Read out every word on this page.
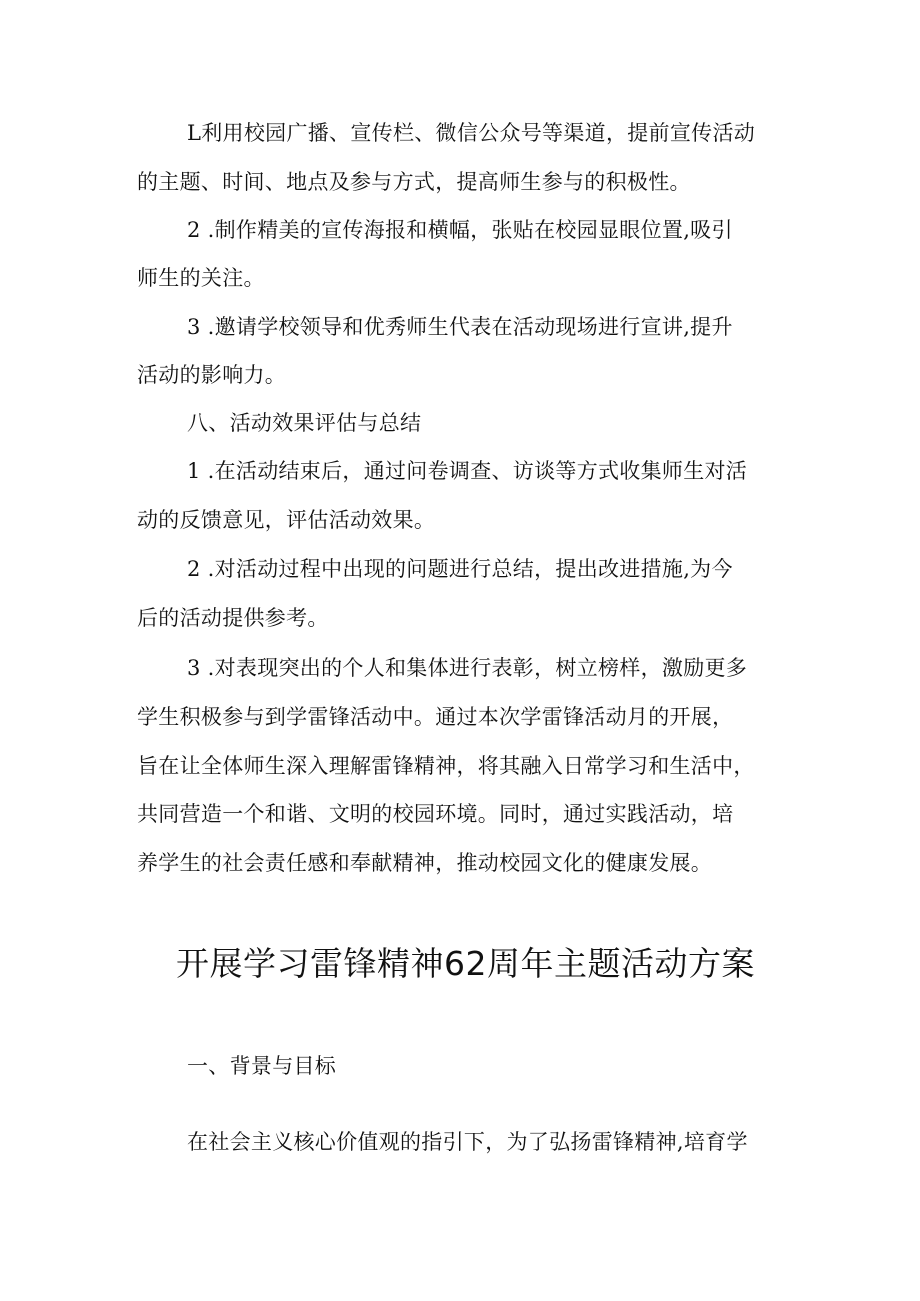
L利用校园广播、宣传栏、微信公众号等渠道，提前宣传活动
的主题、时间、地点及参与方式，提高师生参与的积极性。
2 .制作精美的宣传海报和横幅，张贴在校园显眼位置,吸引
师生的关注。
3 .邀请学校领导和优秀师生代表在活动现场进行宣讲,提升
活动的影响力。
八、活动效果评估与总结
1 .在活动结束后，通过问卷调查、访谈等方式收集师生对活
动的反馈意见，评估活动效果。
2 .对活动过程中出现的问题进行总结，提出改进措施,为今
后的活动提供参考。
3 .对表现突出的个人和集体进行表彰，树立榜样，激励更多
学生积极参与到学雷锋活动中。通过本次学雷锋活动月的开展，
旨在让全体师生深入理解雷锋精神，将其融入日常学习和生活中，
共同营造一个和谐、文明的校园环境。同时，通过实践活动，培
养学生的社会责任感和奉献精神，推动校园文化的健康发展。
开展学习雷锋精神62周年主题活动方案
一、背景与目标
在社会主义核心价值观的指引下，为了弘扬雷锋精神,培育学
